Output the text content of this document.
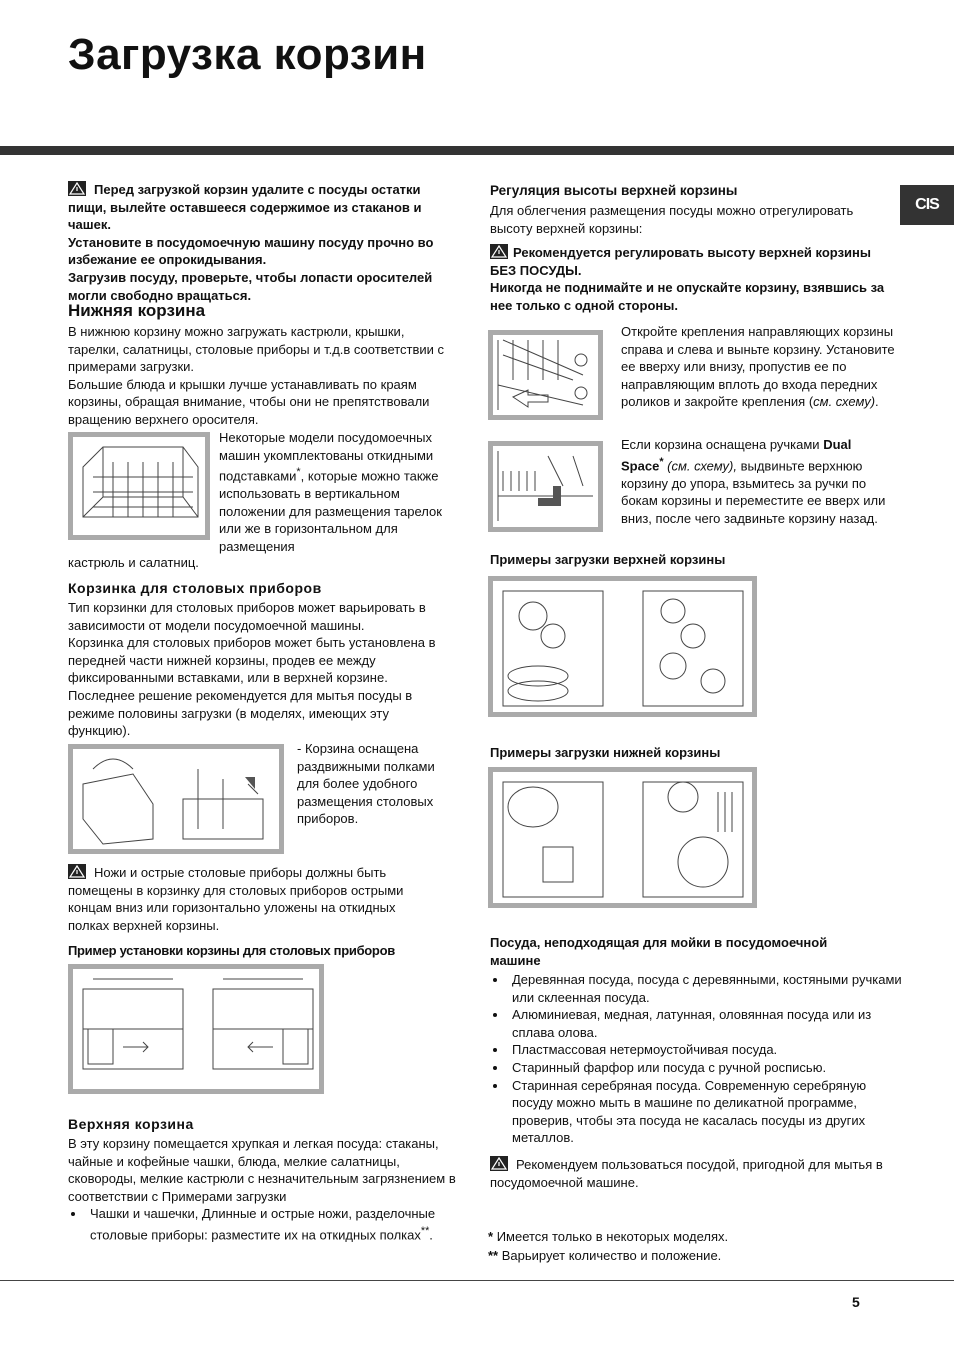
Загрузка корзин
CIS
Перед загрузкой корзин удалите с посуды остатки пищи, вылейте оставшееся содержимое из стаканов и чашек.
Установите в посудомоечную машину посуду прочно во избежание ее опрокидывания.
Загрузив посуду, проверьте, чтобы лопасти оросителей могли свободно вращаться.
Нижняя корзина
В нижнюю корзину можно загружать кастрюли, крышки, тарелки, салатницы, столовые приборы и т.д.в соответствии с примерами загрузки.
Большие блюда и крышки лучше устанавливать по краям корзины, обращая внимание, чтобы они не препятствовали вращению верхнего оросителя.
Некоторые модели посудомоечных машин укомплектованы откидными подставками*, которые можно также использовать в вертикальном положении для размещения тарелок или же в горизонтальном для размещения
кастрюль и салатниц.
Корзинка для столовых приборов
Тип корзинки для столовых приборов может варьировать в зависимости от модели посудомоечной машины.
Корзинка для столовых приборов может быть установлена в передней части нижней корзины, продев ее между фиксированными вставками, или в верхней корзине.
Последнее решение рекомендуется для мытья посуды в режиме половины загрузки (в моделях, имеющих эту функцию).
- Корзина оснащена раздвижными полками для более удобного размещения столовых приборов.
Ножи и острые столовые приборы должны быть помещены в корзинку для столовых приборов острыми концам вниз или горизонтально уложены на откидных полках верхней корзины.
Пример установки корзины для столовых приборов
Верхняя корзина
В эту корзину помещается хрупкая и легкая посуда: стаканы, чайные и кофейные чашки, блюда, мелкие салатницы, сковороды, мелкие кастрюли с незначительным загрязнением в соответствии с Примерами загрузки
• Чашки и чашечки, Длинные и острые ножи, разделочные столовые приборы: разместите их на откидных полках**.
Регуляция высоты верхней корзины
Для облегчения размещения посуды можно отрегулировать высоту верхней корзины:
Рекомендуется регулировать высоту верхней корзины БЕЗ ПОСУДЫ.
Никогда не поднимайте и не опускайте корзину, взявшись за нее только с одной стороны.
Откройте крепления направляющих корзины справа и слева и выньте корзину. Установите ее вверху или внизу, пропустив ее по направляющим вплоть до входа передних роликов и закройте крепления (см. схему).
Если корзина оснащена ручками Dual Space* (см. схему), выдвиньте верхнюю корзину до упора, взьмитесь за ручки по бокам корзины и переместите ее вверх или вниз, после чего задвиньте корзину назад.
Примеры загрузки верхней корзины
Примеры загрузки нижней корзины
Посуда, неподходящая для мойки в посудомоечной машине
• Деревянная посуда, посуда с деревянными, костяными ручками или склеенная посуда.
• Алюминиевая, медная, латунная, оловянная посуда или из сплава олова.
• Пластмассовая нетермоустойчивая посуда.
• Старинный фарфор или посуда с ручной росписью.
• Старинная серебряная посуда. Современную серебряную посуду можно мыть в машине по деликатной программе, проверив, чтобы эта посуда не касалась посуды из других металлов.
Рекомендуем пользоваться посудой, пригодной для мытья в посудомоечной машине.
* Имеется только в некоторых моделях.
** Варьирует количество и положение.
5
